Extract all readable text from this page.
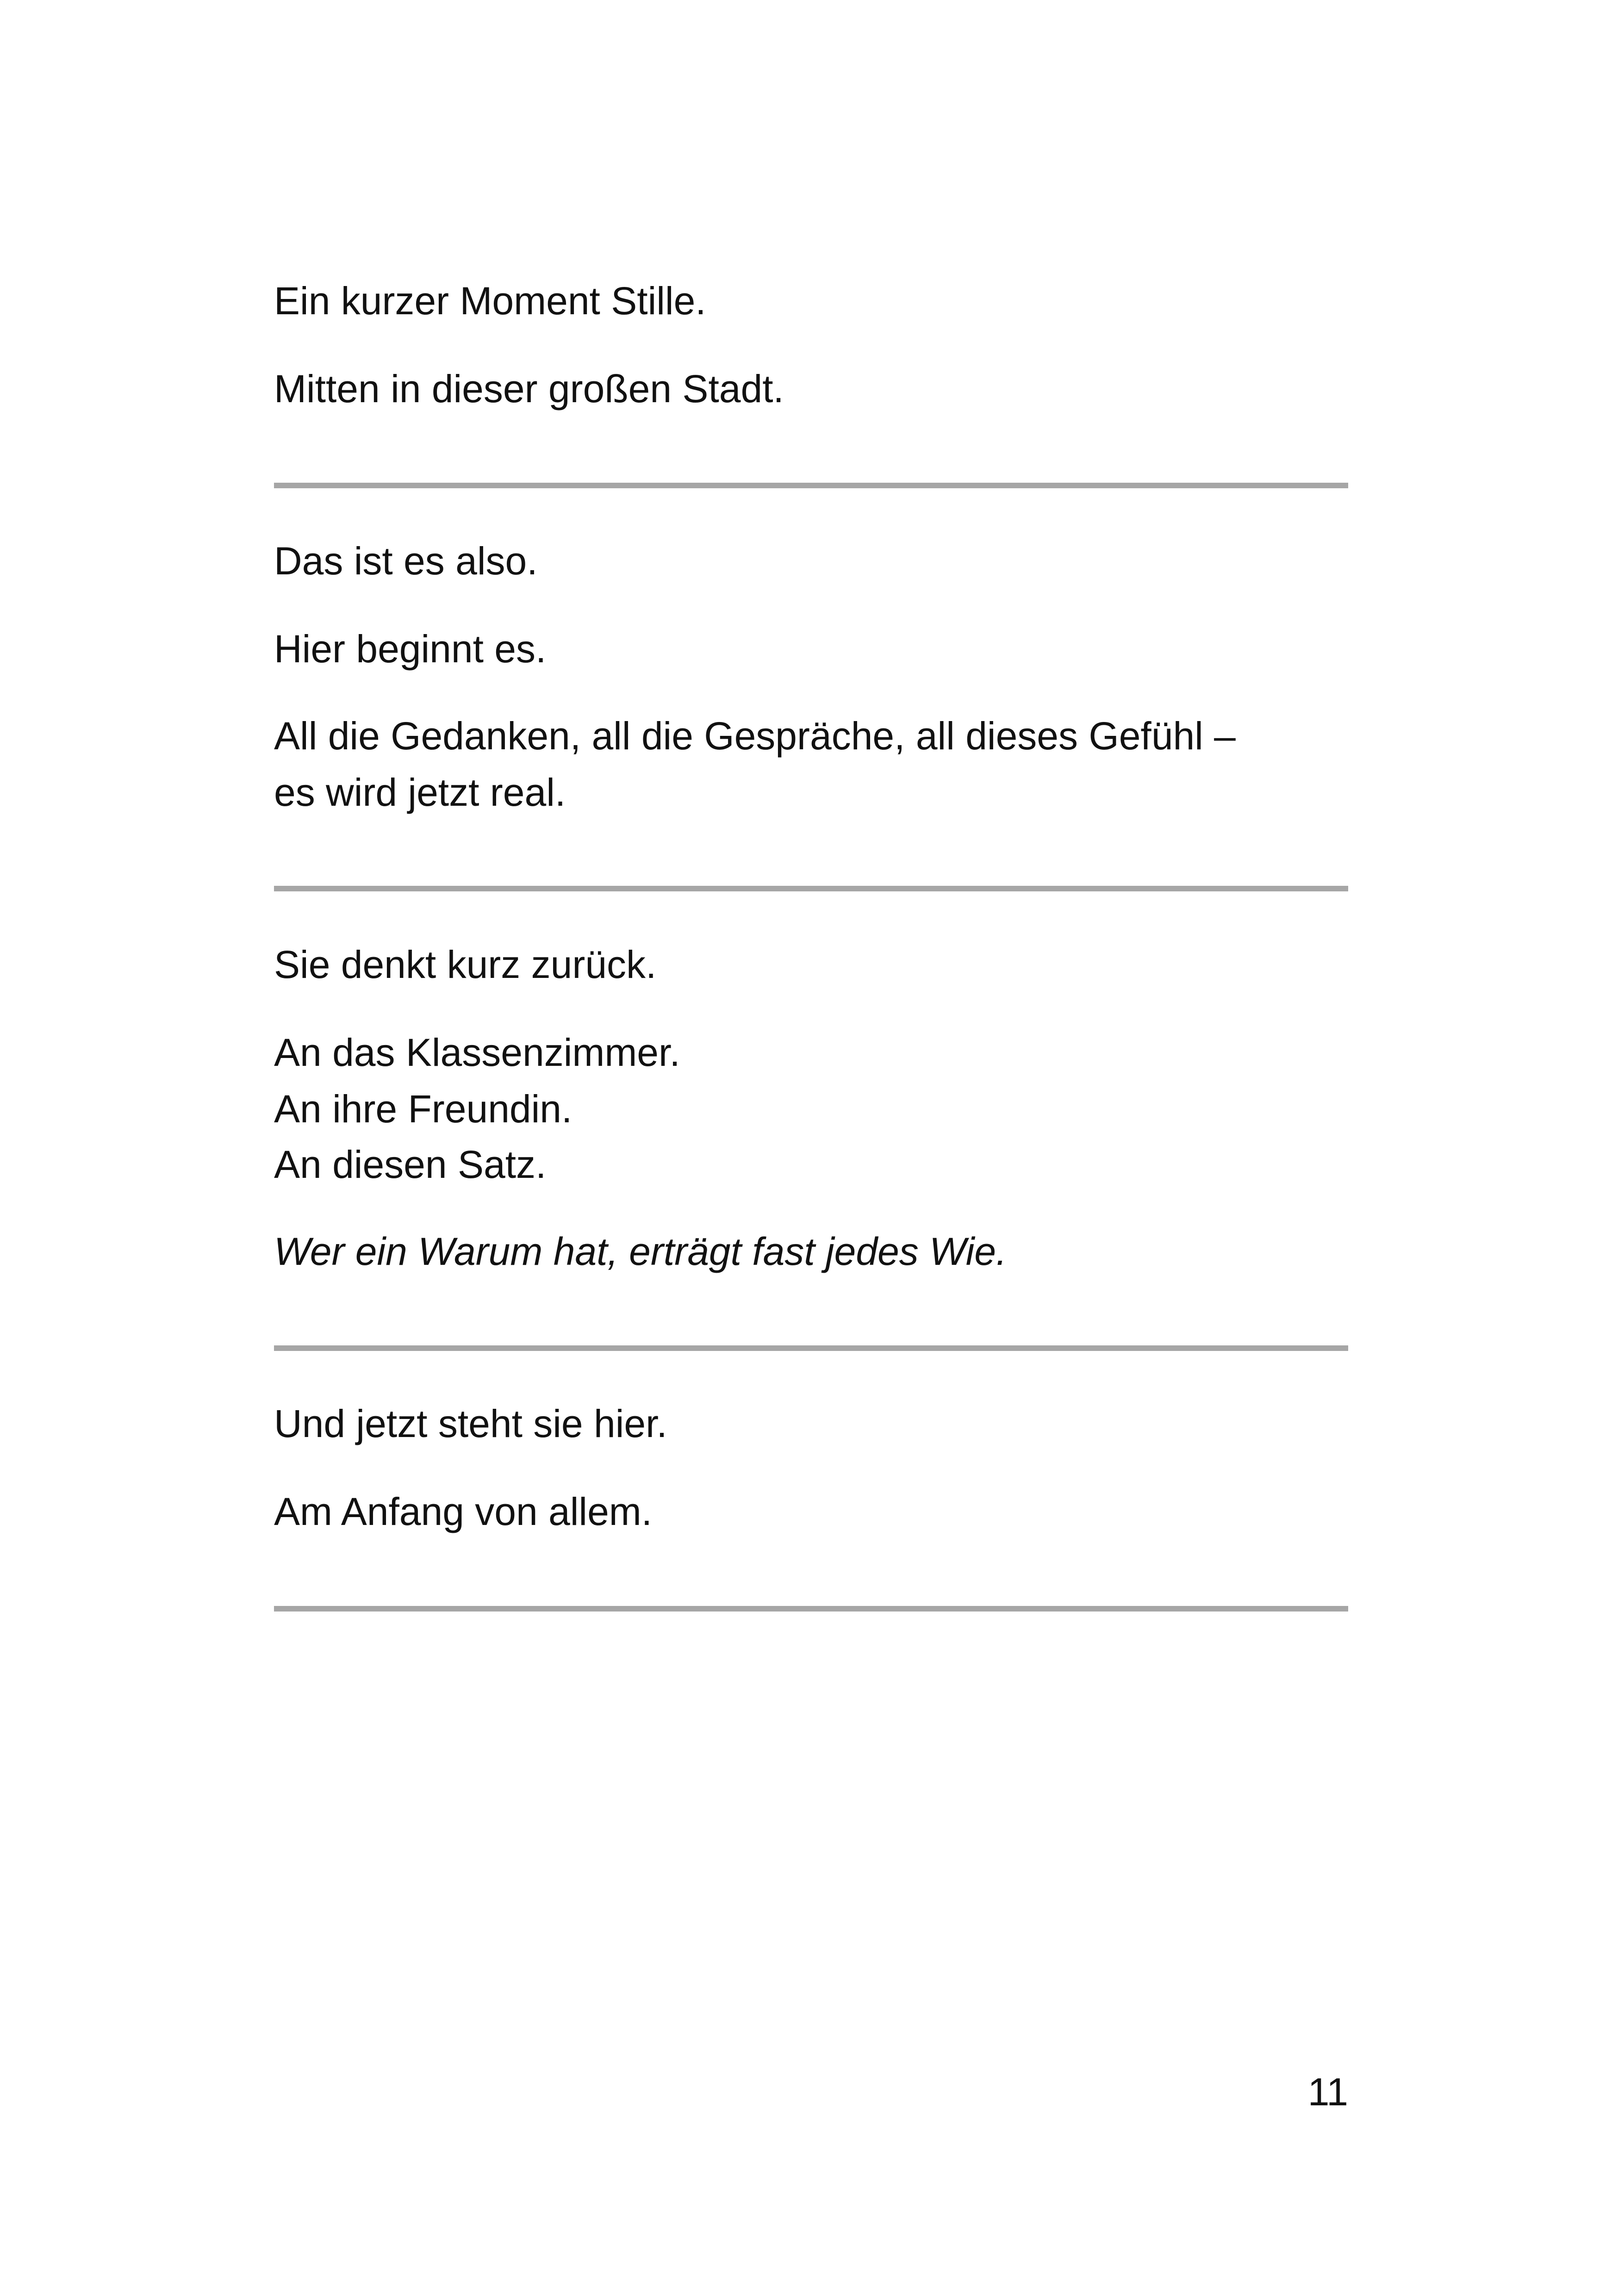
Ein kurzer Moment Stille.

Mitten in dieser großen Stadt.

Das ist es also.

Hier beginnt es.

All die Gedanken, all die Gespräche, all dieses Gefühl –

es wird jetzt real.

Sie denkt kurz zurück.

An das Klassenzimmer.

An ihre Freundin.

An diesen Satz.

Wer ein Warum hat, erträgt fast jedes Wie.

Und jetzt steht sie hier.

Am Anfang von allem.

11
